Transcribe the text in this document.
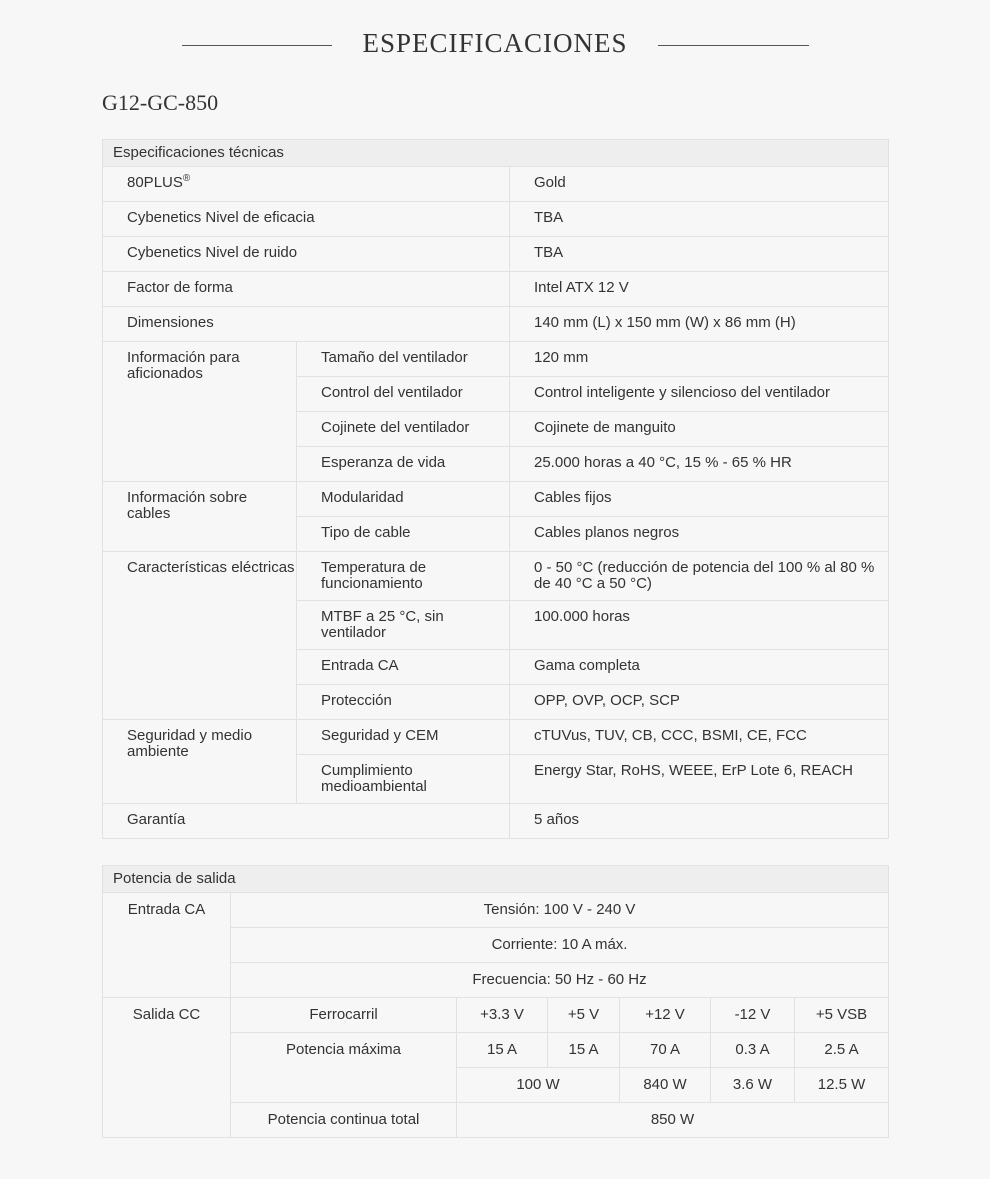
ESPECIFICACIONES
G12-GC-850
Especificaciones técnicas		
80PLUS®		Gold
Cybenetics Nivel de eficacia		TBA
Cybenetics Nivel de ruido		TBA
Factor de forma		Intel ATX 12 V
Dimensiones		140 mm (L) x 150 mm (W) x 86 mm (H)
Información para aficionados	Tamaño del ventilador	120 mm
	Control del ventilador	Control inteligente y silencioso del ventilador
	Cojinete del ventilador	Cojinete de manguito
	Esperanza de vida	25.000 horas a 40 °C, 15 % - 65 % HR
Información sobre cables	Modularidad	Cables fijos
	Tipo de cable	Cables planos negros
Características eléctricas	Temperatura de funcionamiento	0 - 50 °C (reducción de potencia del 100 % al 80 % de 40 °C a 50 °C)
	MTBF a 25 °C, sin ventilador	100.000 horas
	Entrada CA	Gama completa
	Protección	OPP, OVP, OCP, SCP
Seguridad y medio ambiente	Seguridad y CEM	cTUVus, TUV, CB, CCC, BSMI, CE, FCC
	Cumplimiento medioambiental	Energy Star, RoHS, WEEE, ErP Lote 6, REACH
Garantía		5 años
Potencia de salida						
Entrada CA	Tensión: 100 V - 240 V					
	Corriente: 10 A máx.					
	Frecuencia: 50 Hz - 60 Hz					
Salida CC	Ferrocarril	+3.3 V	+5 V	+12 V	-12 V	+5 VSB
	Potencia máxima	15 A	15 A	70 A	0.3 A	2.5 A
		100 W		840 W	3.6 W	12.5 W
	Potencia continua total	850 W				
